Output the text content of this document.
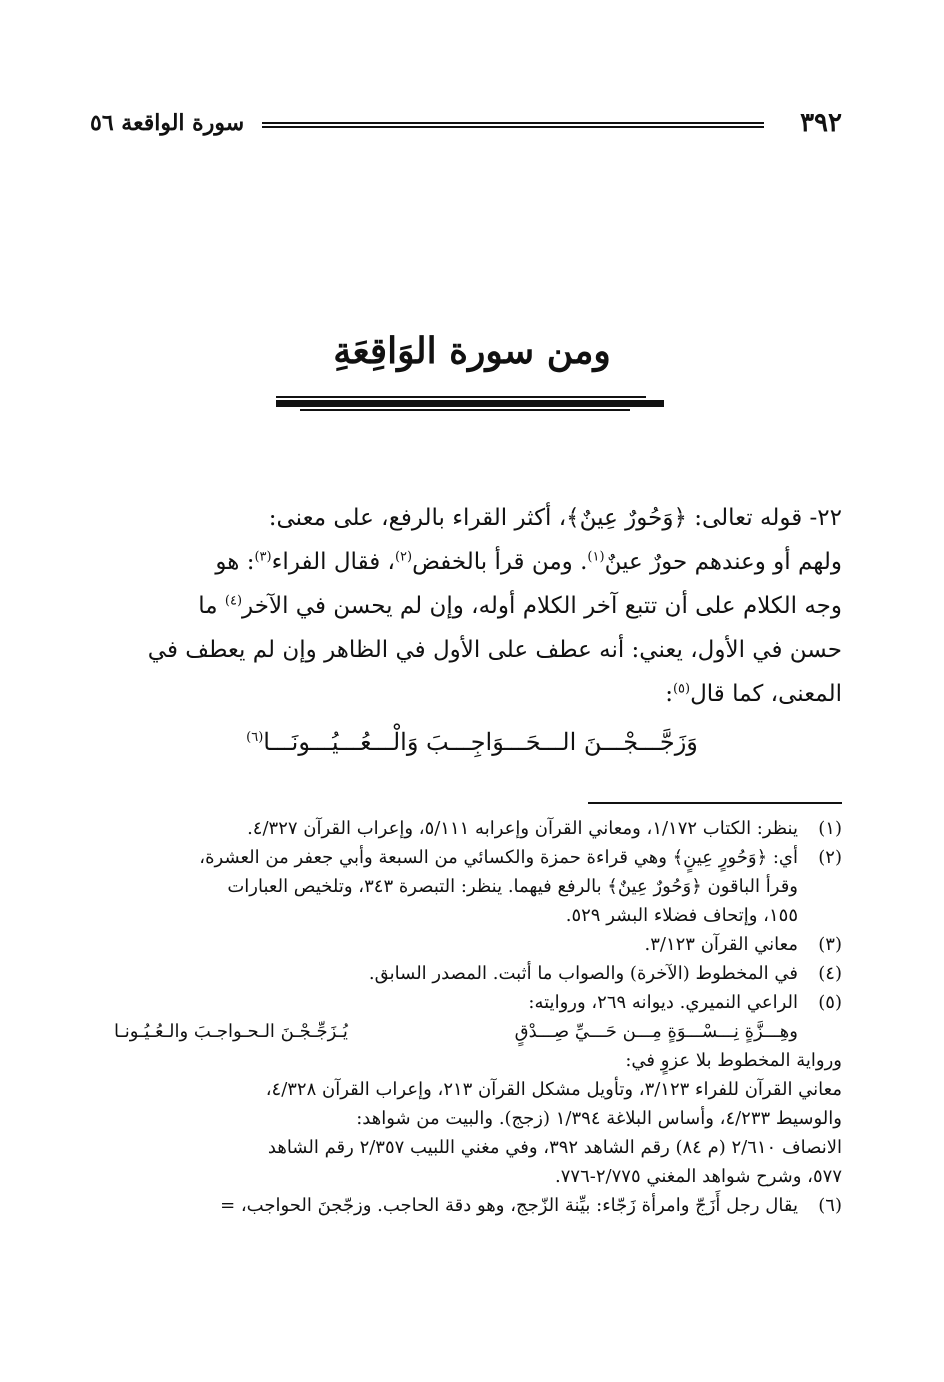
٣٩٢
سورة الواقعة ٥٦
ومن سورة الوَاقِعَةِ
٢٢- قوله تعالى: ﴿وَحُورٌ عِينٌ﴾، أكثر القراء بالرفع، على معنى:
ولهم أو وعندهم حورٌ عينٌ$^{(١)}$. ومن قرأ بالخفض$^{(٢)}$، فقال الفراء$^{(٣)}$: هو
وجه الكلام على أن تتبع آخر الكلام أوله، وإن لم يحسن في الآخر$^{(٤)}$ ما
حسن في الأول، يعني: أنه عطف على الأول في الظاهر وإن لم يعطف في
المعنى، كما قال$^{(٥)}$:
وَزَجَّـــجْـــنَ الـــحَـــوَاجِـــبَ وَالْـــعُـــيُـــونَـــا$^{(٦)}$
(١)
ينظر: الكتاب ١/١٧٢، ومعاني القرآن وإعرابه ٥/١١١، وإعراب القرآن ٤/٣٢٧.
(٢)
أي: ﴿وَحُورٍ عِينٍ﴾ وهي قراءة حمزة والكسائي من السبعة وأبي جعفر من العشرة،
وقرأ الباقون ﴿وَحُورٌ عِينٌ﴾ بالرفع فيهما. ينظر: التبصرة ٣٤٣، وتلخيص العبارات
١٥٥، وإتحاف فضلاء البشر ٥٢٩.
(٣)
معاني القرآن ٣/١٢٣.
(٤)
في المخطوط (الآخرة) والصواب ما أثبت. المصدر السابق.
(٥)
الراعي النميري. ديوانه ٢٦٩، وروايته:
وهِـــزَّةٍ نِـــسْـــوَةٍ مِـــن حَـــيِّ صِـــدْقٍ
يُـزَجِّـجْـنَ الـحـواجـبَ والـعُـيُـونـا
ورواية المخطوط بلا عزوٍ في:
معاني القرآن للفراء ٣/١٢٣، وتأويل مشكل القرآن ٢١٣، وإعراب القرآن ٤/٣٢٨،
والوسيط ٤/٢٣٣، وأساس البلاغة ١/٣٩٤ (زجج). والبيت من شواهد:
الانصاف ٢/٦١٠ (م ٨٤) رقم الشاهد ٣٩٢، وفي مغني اللبيب ٢/٣٥٧ رقم الشاهد
٥٧٧، وشرح شواهد المغني ٢/٧٧٥-٧٧٦.
(٦)
يقال رجل أَزَجّ وامرأة زَجّاء: بيِّنة الزّجج، وهو دقة الحاجب. وزجّجنَ الحواجب، =
